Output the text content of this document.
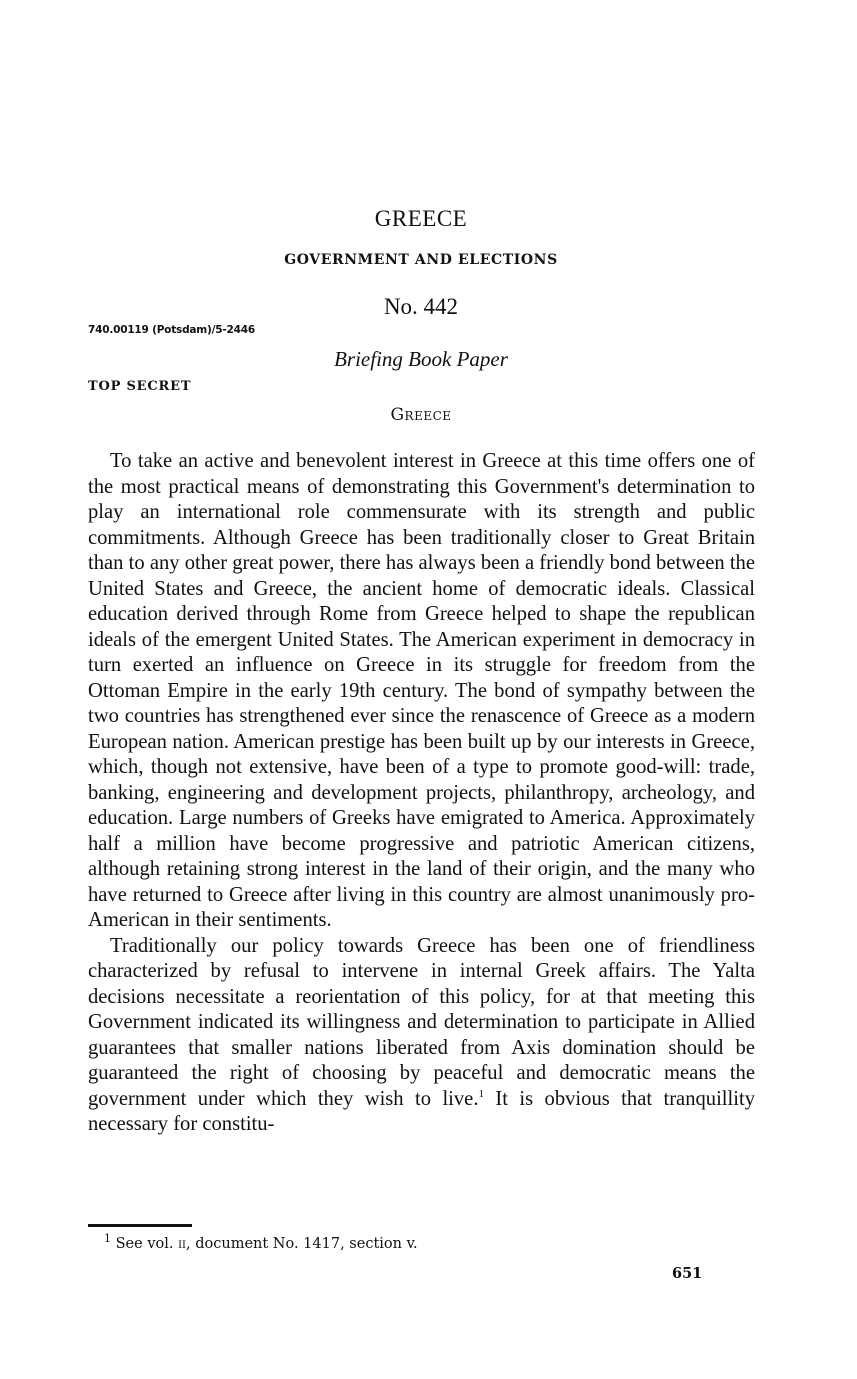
GREECE
GOVERNMENT AND ELECTIONS
No. 442
740.00119 (Potsdam)/5-2446
Briefing Book Paper
TOP SECRET
Greece

To take an active and benevolent interest in Greece at this time offers one of the most practical means of demonstrating this Government's determination to play an international role commensurate with its strength and public commitments. Although Greece has been traditionally closer to Great Britain than to any other great power, there has always been a friendly bond between the United States and Greece, the ancient home of democratic ideals. Classical education derived through Rome from Greece helped to shape the republican ideals of the emergent United States. The American experiment in democracy in turn exerted an influence on Greece in its struggle for freedom from the Ottoman Empire in the early 19th century. The bond of sympathy between the two countries has strengthened ever since the renascence of Greece as a modern European nation. American prestige has been built up by our interests in Greece, which, though not extensive, have been of a type to promote good-will: trade, banking, engineering and development projects, philanthropy, archeology, and education. Large numbers of Greeks have emigrated to America. Approximately half a million have become progressive and patriotic American citizens, although retaining strong interest in the land of their origin, and the many who have returned to Greece after living in this country are almost unanimously pro-American in their sentiments.

Traditionally our policy towards Greece has been one of friendliness characterized by refusal to intervene in internal Greek affairs. The Yalta decisions necessitate a reorientation of this policy, for at that meeting this Government indicated its willingness and determination to participate in Allied guarantees that smaller nations liberated from Axis domination should be guaranteed the right of choosing by peaceful and democratic means the government under which they wish to live.$^1$ It is obvious that tranquillity necessary for constitu-

$^1$ See vol. ii, document No. 1417, section v.
651
